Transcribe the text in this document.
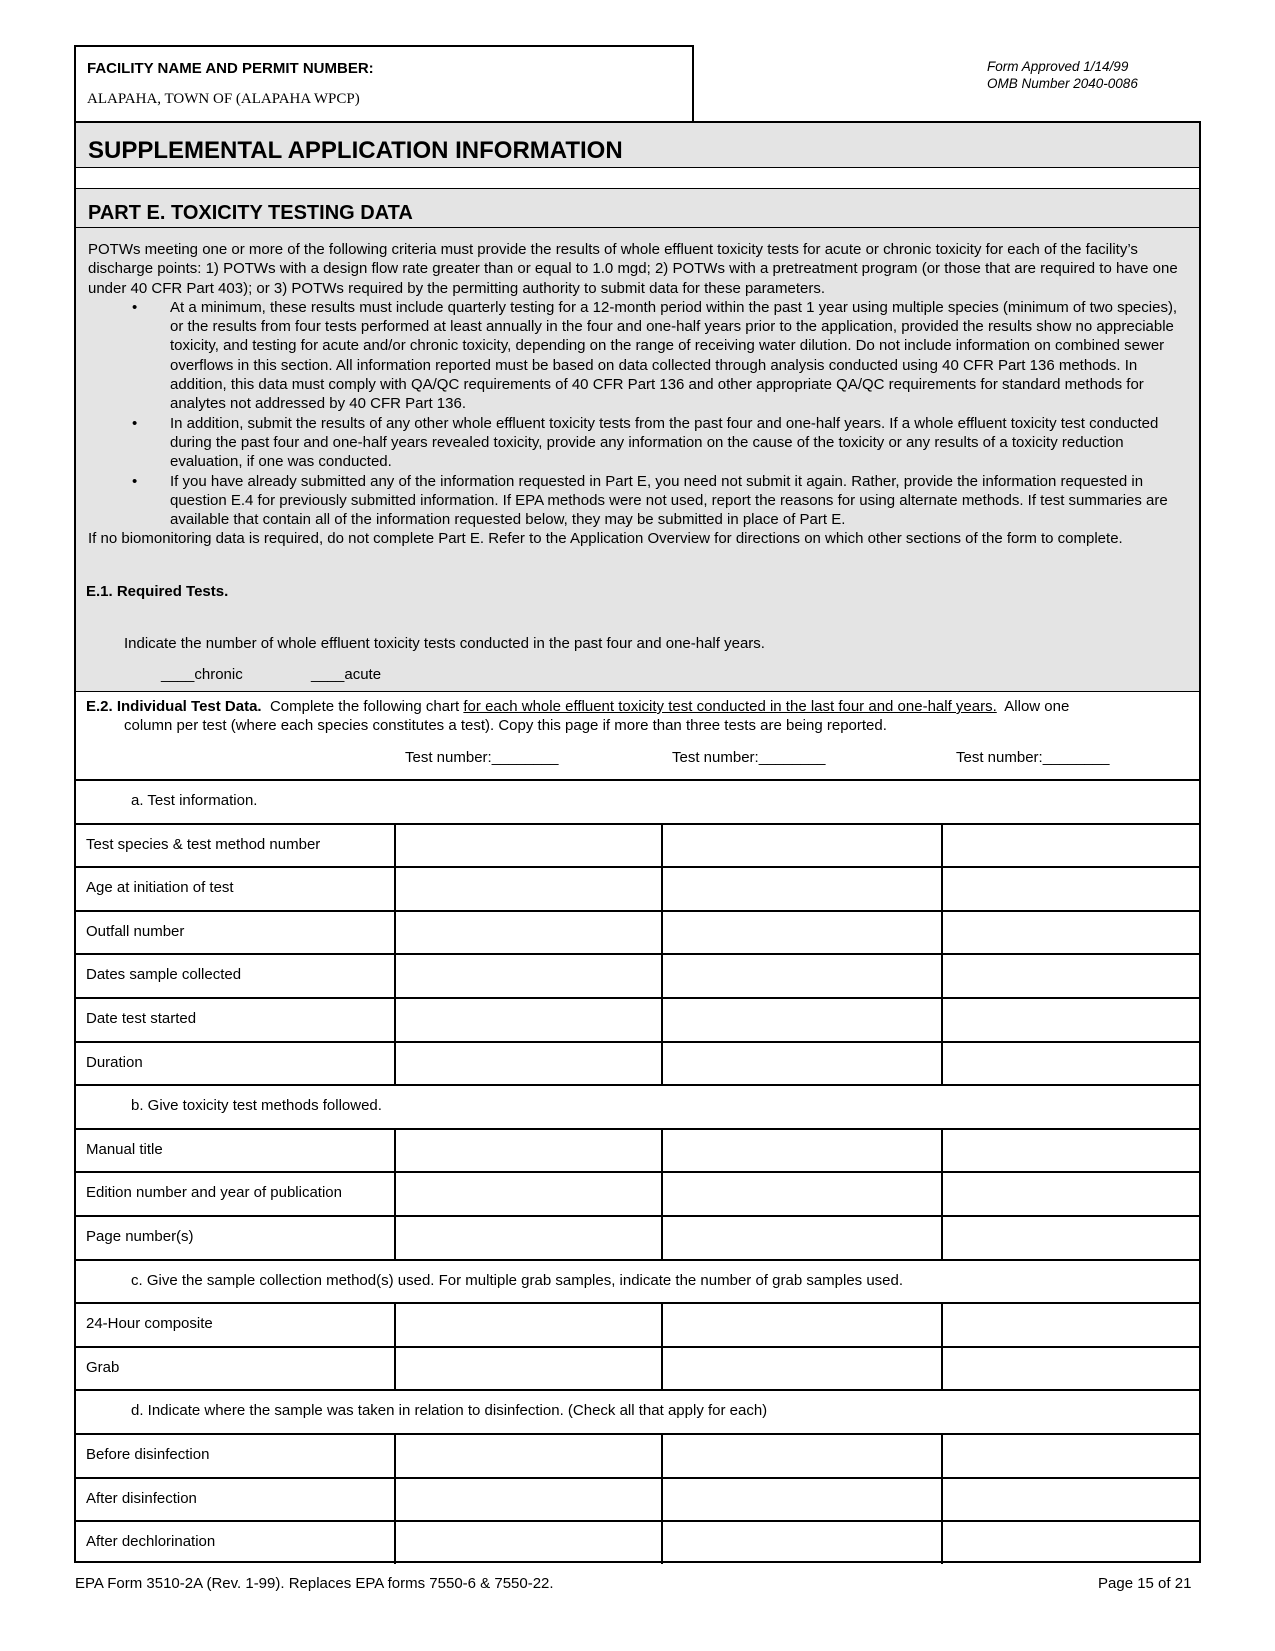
FACILITY NAME AND PERMIT NUMBER:
ALAPAHA, TOWN OF (ALAPAHA WPCP)
Form Approved 1/14/99
OMB Number 2040-0086
SUPPLEMENTAL APPLICATION INFORMATION
PART E. TOXICITY TESTING DATA

POTWs meeting one or more of the following criteria must provide the results of whole effluent toxicity tests for acute or chronic toxicity for each of the facility’s discharge points: 1) POTWs with a design flow rate greater than or equal to 1.0 mgd; 2) POTWs with a pretreatment program (or those that are required to have one under 40 CFR Part 403); or 3) POTWs required by the permitting authority to submit data for these parameters.

• At a minimum, these results must include quarterly testing for a 12-month period within the past 1 year using multiple species (minimum of two species), or the results from four tests performed at least annually in the four and one-half years prior to the application, provided the results show no appreciable toxicity, and testing for acute and/or chronic toxicity, depending on the range of receiving water dilution. Do not include information on combined sewer overflows in this section. All information reported must be based on data collected through analysis conducted using 40 CFR Part 136 methods. In addition, this data must comply with QA/QC requirements of 40 CFR Part 136 and other appropriate QA/QC requirements for standard methods for analytes not addressed by 40 CFR Part 136.
• In addition, submit the results of any other whole effluent toxicity tests from the past four and one-half years. If a whole effluent toxicity test conducted during the past four and one-half years revealed toxicity, provide any information on the cause of the toxicity or any results of a toxicity reduction evaluation, if one was conducted.
• If you have already submitted any of the information requested in Part E, you need not submit it again. Rather, provide the information requested in question E.4 for previously submitted information. If EPA methods were not used, report the reasons for using alternate methods. If test summaries are available that contain all of the information requested below, they may be submitted in place of Part E.

If no biomonitoring data is required, do not complete Part E. Refer to the Application Overview for directions on which other sections of the form to complete.

E.1. Required Tests.
Indicate the number of whole effluent toxicity tests conducted in the past four and one-half years.
____chronic	____acute
E.2. Individual Test Data.  Complete the following chart for each whole effluent toxicity test conducted in the last four and one-half years.  Allow one
column per test (where each species constitutes a test). Copy this page if more than three tests are being reported.
Test number:________	Test number:________	Test number:________
a. Test information.
Test species & test method number
Age at initiation of test
Outfall number
Dates sample collected
Date test started
Duration
b. Give toxicity test methods followed.
Manual title
Edition number and year of publication
Page number(s)
c. Give the sample collection method(s) used. For multiple grab samples, indicate the number of grab samples used.
24-Hour composite
Grab
d. Indicate where the sample was taken in relation to disinfection. (Check all that apply for each)
Before disinfection
After disinfection
After dechlorination
EPA Form 3510-2A (Rev. 1-99). Replaces EPA forms 7550-6 & 7550-22.	Page 15 of 21
